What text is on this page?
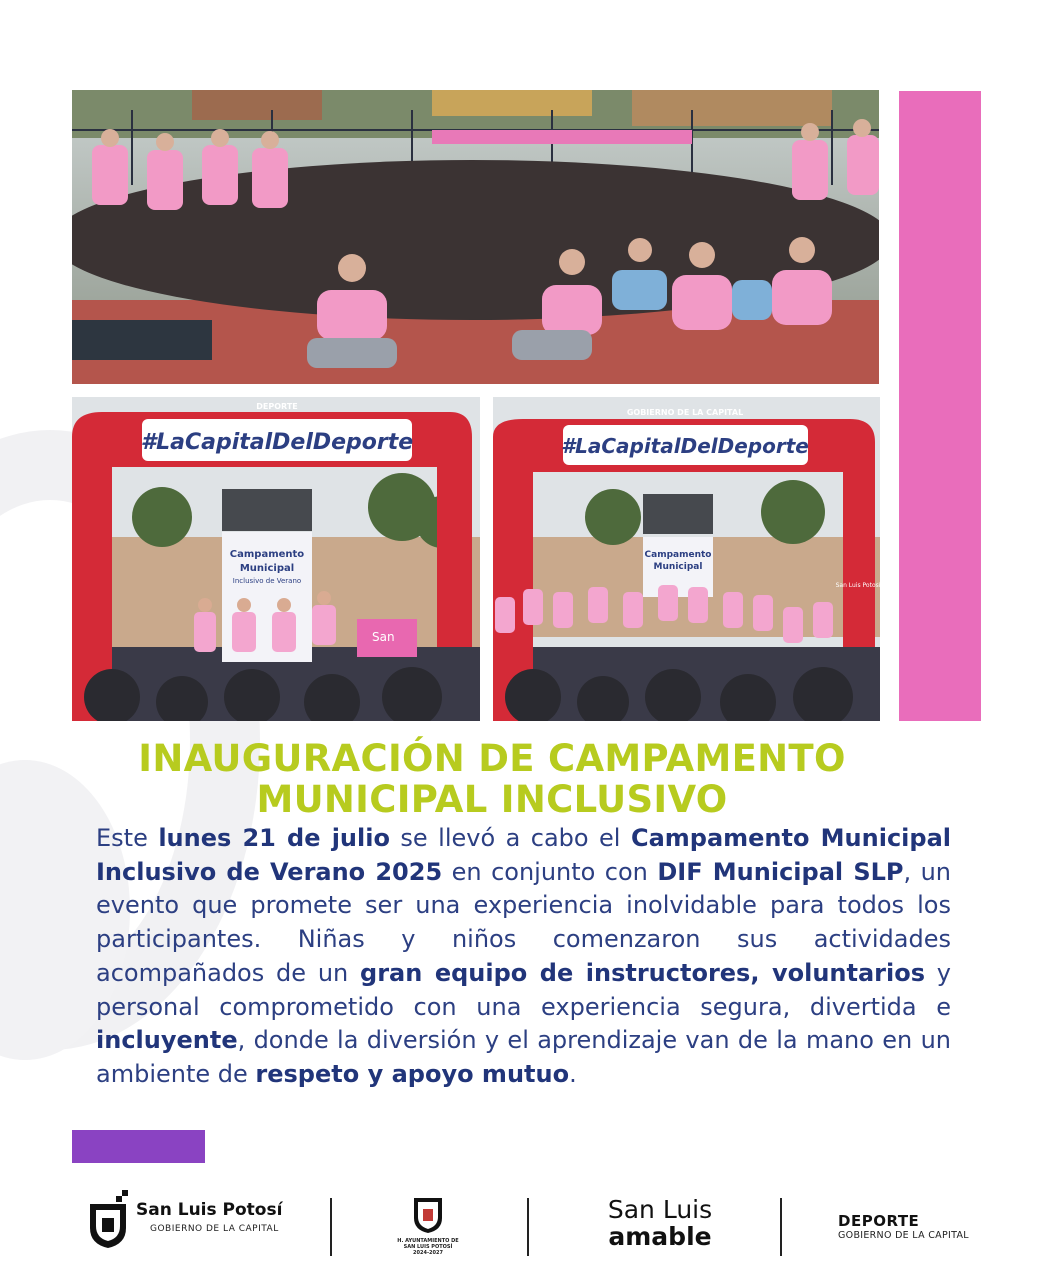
#LaCapitalDelDeporte
DEPORTE
Campamento
Municipal
Inclusivo de Verano
San
#LaCapitalDelDeporte
GOBIERNO DE LA CAPITAL
Campamento
Municipal
San Luis Potosí
INAUGURACIÓN DE CAMPAMENTO
MUNICIPAL INCLUSIVO
Este lunes 21 de julio se llevó a cabo el Campamento Municipal Inclusivo de Verano 2025 en conjunto con DIF Municipal SLP, un evento que promete ser una experiencia inolvidable para todos los participantes. Niñas y niños comenzaron sus actividades acompañados de un gran equipo de instructores, voluntarios y personal comprometido con una experiencia segura, divertida e incluyente, donde la diversión y el aprendizaje van de la mano en un ambiente de respeto y apoyo mutuo.
San Luis Potosí
GOBIERNO DE LA CAPITAL
H. AYUNTAMIENTO DE
SAN LUIS POTOSÍ
2024-2027
San Luis
amable
DEPORTE
GOBIERNO DE LA CAPITAL
